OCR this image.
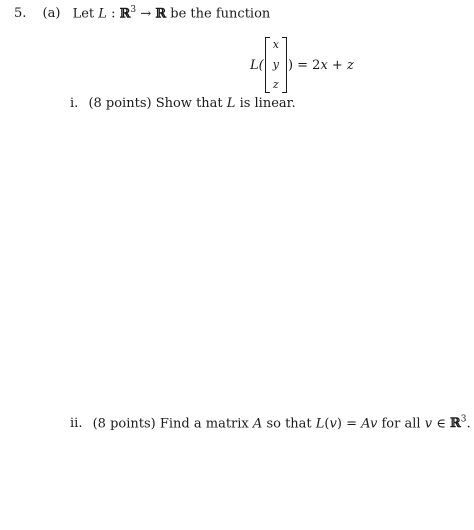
5. (a) Let L : ℝ$^3$ → ℝ be the function
L(
x
y
z
) = 2x + z
i. (8 points) Show that L is linear.
ii. (8 points) Find a matrix A so that L(v) = Av for all v ∈ ℝ$^3$.
